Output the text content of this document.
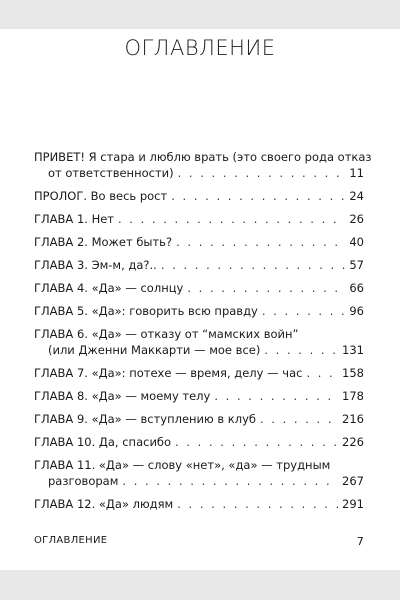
ОГЛАВЛЕНИЕ
ПРИВЕТ! Я стара и люблю врать (это своего рода отказ
от ответственности) . . .	11
ПРОЛОГ. Во весь рост . . .	24
ГЛАВА 1. Нет . . .	26
ГЛАВА 2. Может быть? . . .	40
ГЛАВА 3. Эм-м, да?.. . . .	57
ГЛАВА 4. «Да» — солнцу . . .	66
ГЛАВА 5. «Да»: говорить всю правду . . .	96
ГЛАВА 6. «Да» — отказу от “мамских войн”
(или Дженни Маккарти — мое все) . . .	131
ГЛАВА 7. «Да»: потехе — время, делу — час . . .	158
ГЛАВА 8. «Да» — моему телу . . .	178
ГЛАВА 9. «Да» — вступлению в клуб . . .	216
ГЛАВА 10. Да, спасибо . . .	226
ГЛАВА 11. «Да» — слову «нет», «да» — трудным
разговорам . . .	267
ГЛАВА 12. «Да» людям . . .	291
ОГЛАВЛЕНИЕ	7
